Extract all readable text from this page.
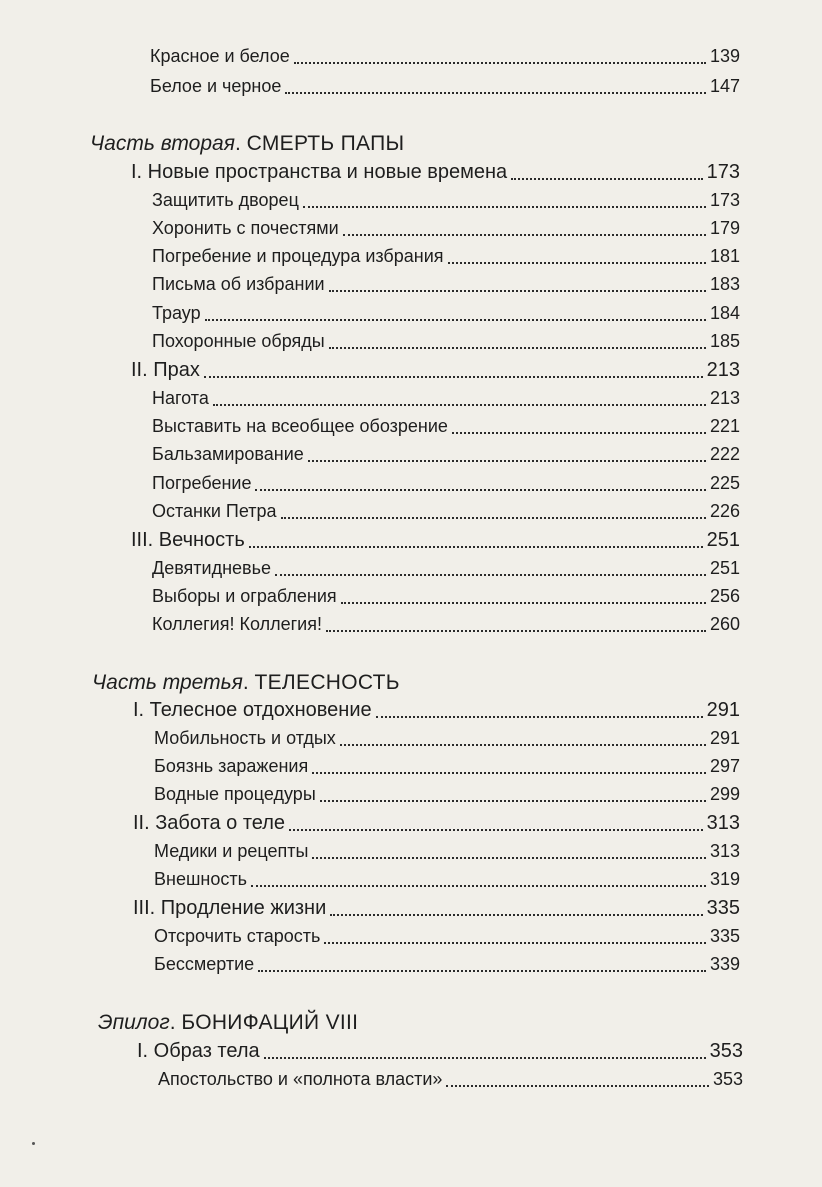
Красное и белое	139
Белое и черное	147
Часть вторая. СМЕРТЬ ПАПЫ
I. Новые пространства и новые времена	173
Защитить дворец	173
Хоронить с почестями	179
Погребение и процедура избрания	181
Письма об избрании	183
Траур	184
Похоронные обряды	185
II. Прах	213
Нагота	213
Выставить на всеобщее обозрение	221
Бальзамирование	222
Погребение	225
Останки Петра	226
III. Вечность	251
Девятидневье	251
Выборы и ограбления	256
Коллегия! Коллегия!	260
Часть третья. ТЕЛЕСНОСТЬ
I. Телесное отдохновение	291
Мобильность и отдых	291
Боязнь заражения	297
Водные процедуры	299
II. Забота о теле	313
Медики и рецепты	313
Внешность	319
III. Продление жизни	335
Отсрочить старость	335
Бессмертие	339
Эпилог. БОНИФАЦИЙ VIII
I. Образ тела	353
Апостольство и «полнота власти»	353
